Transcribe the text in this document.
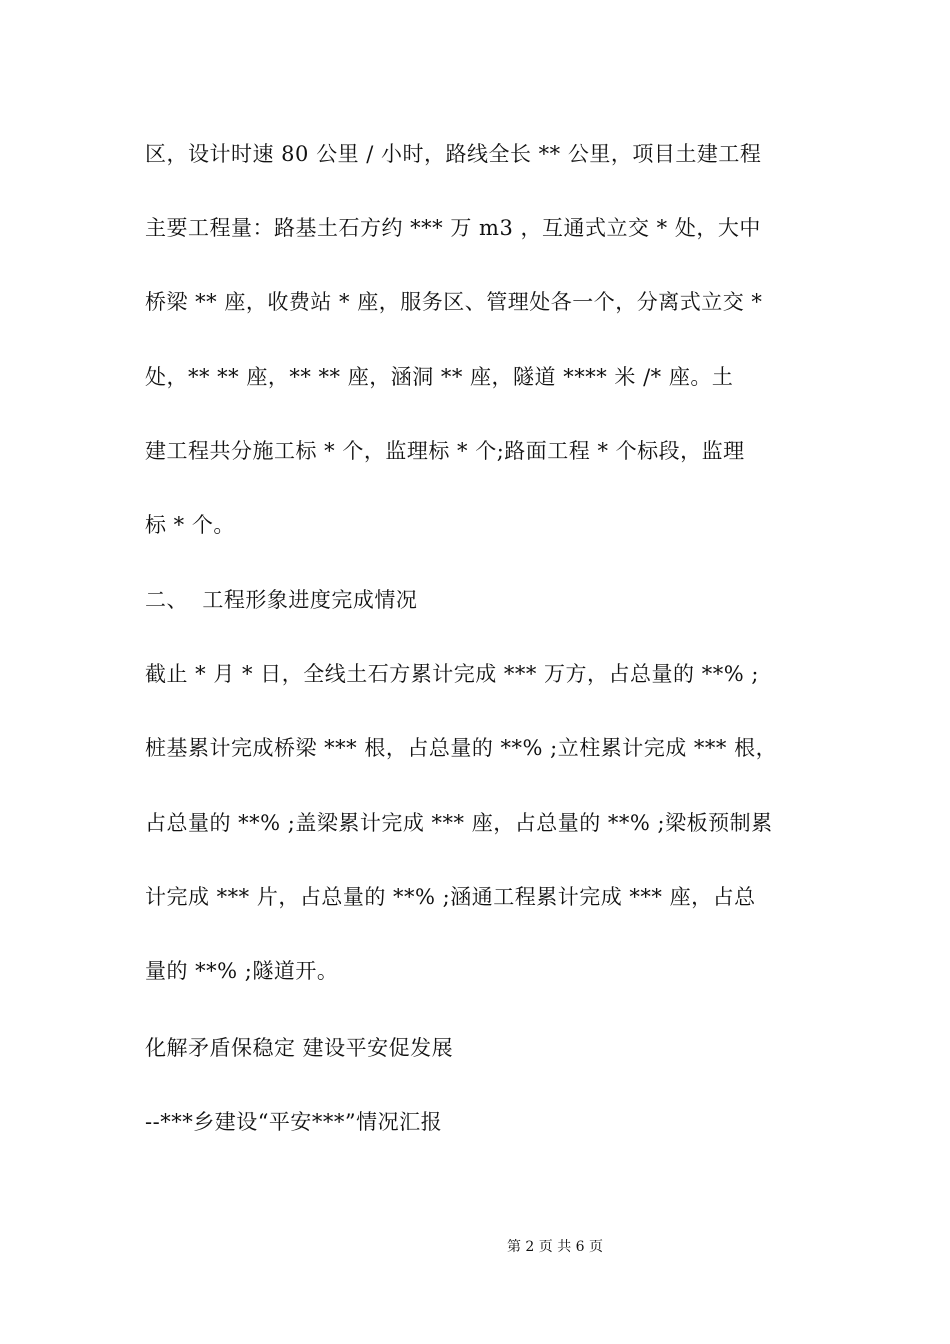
区，设计时速 80 公里 / 小时，路线全长 ** 公里，项目土建工程
主要工程量：路基土石方约 *** 万 m3 ，互通式立交 * 处，大中
桥梁 ** 座，收费站 * 座，服务区、管理处各一个，分离式立交 *
处，** ** 座，** ** 座，涵洞 ** 座，隧道 **** 米 /* 座。土
建工程共分施工标 * 个，监理标 * 个;路面工程 * 个标段，监理
标 * 个。
二、  工程形象进度完成情况
截止 * 月 * 日，全线土石方累计完成 *** 万方，占总量的 **% ;
桩基累计完成桥梁 *** 根，占总量的 **% ;立柱累计完成 *** 根，
占总量的 **% ;盖梁累计完成 *** 座，占总量的 **% ;梁板预制累
计完成 *** 片，占总量的 **% ;涵通工程累计完成 *** 座，占总
量的 **% ;隧道开。
化解矛盾保稳定 建设平安促发展
--***乡建设“平安***”情况汇报
第 2 页 共 6 页
